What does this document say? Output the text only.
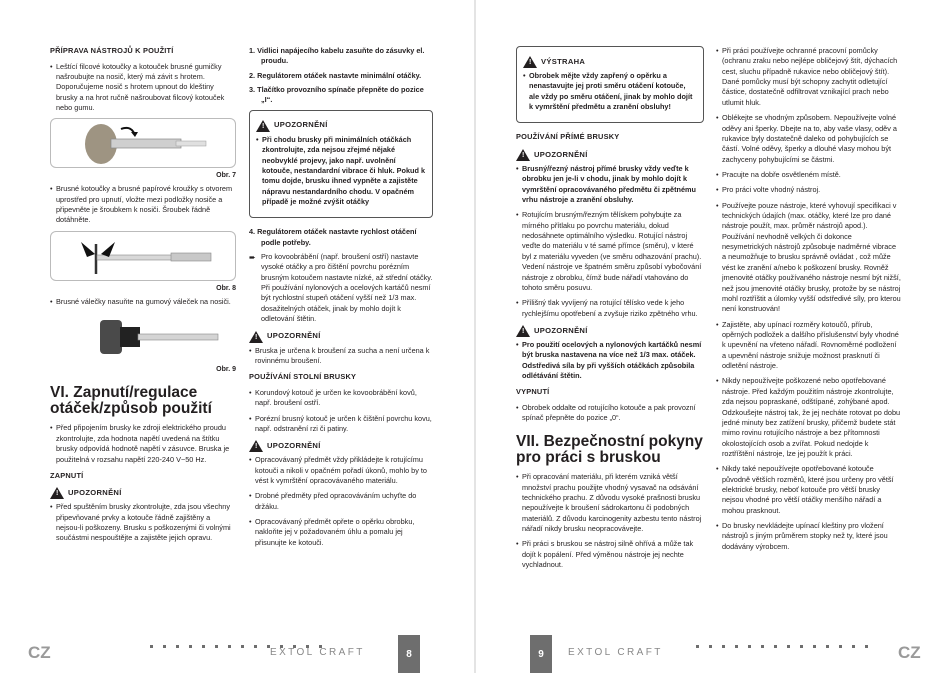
PŘÍPRAVA NÁSTROJŮ K POUŽITÍ
• Leštící filcové kotoučky a kotouček brusné gumičky našroubujte na nosič, který má závit s hrotem. Doporučujeme nosič s hrotem upnout do kleštiny brusky a na hrot ručně našroubovat filcový kotouček nebo gumu.
Obr. 7
• Brusné kotoučky a brusné papírové kroužky s otvorem uprostřed pro upnutí, vložte mezi podložky nosiče a připevněte je šroubkem k nosiči. Šroubek řádně dotáhněte.
Obr. 8
• Brusné válečky nasuňte na gumový váleček na nosiči.
Obr. 9
VI. Zapnutí/regulace otáček/způsob použití
• Před připojením brusky ke zdroji elektrického proudu zkontrolujte, zda hodnota napětí uvedená na štítku brusky odpovídá hodnotě napětí v zásuvce. Bruska je použitelná v rozsahu napětí 220-240 V~50 Hz.
ZAPNUTÍ
! UPOZORNĚNÍ
• Před spuštěním brusky zkontrolujte, zda jsou všechny připevňované prvky a kotouče řádně zajištěny a nejsou-li poškozeny. Brusku s poškozenými či volnými součástmi nespouštějte a zajistěte jejich opravu.
1. Vidlici napájecího kabelu zasuňte do zásuvky el. proudu.
2. Regulátorem otáček nastavte minimální otáčky.
3. Tlačítko provozního spínače přepněte do pozice „I“.
! UPOZORNĚNÍ
• Při chodu brusky při minimálních otáčkách zkontrolujte, zda nejsou zřejmé nějaké neobvyklé projevy, jako např. uvolnění kotouče, nestandardní vibrace či hluk. Pokud k tomu dojde, brusku ihned vypněte a zajistěte nápravu nestandardního chodu. V opačném případě je možné zvýšit otáčky
4. Regulátorem otáček nastavte rychlost otáčení podle potřeby.
➨ Pro kovoobrábění (např. broušení ostří) nastavte vysoké otáčky a pro čištění povrchu porézním brusným kotoučem nastavte nízké, až střední otáčky. Při používání nylonových a ocelových kartáčů nesmí být rychlostní stupeň otáčení vyšší než 1/3 max. dosažitelných otáček, jinak by mohlo dojít k odletování štětin.
! UPOZORNĚNÍ
• Bruska je určena k broušení za sucha a není určena k rovinnému broušení.
POUŽÍVÁNÍ STOLNÍ BRUSKY
• Korundový kotouč je určen ke kovoobrábění kovů, např. broušení ostří.
• Porézní brusný kotouč je určen k čištění povrchu kovu, např. odstranění rzi či patiny.
! UPOZORNĚNÍ
• Opracovávaný předmět vždy přikládejte k rotujícímu kotouči a nikoli v opačném pořadí úkonů, mohlo by to vést k vymrštění opracovávaného materiálu.
• Drobné předměty před opracováváním uchyťte do držáku.
• Opracovávaný předmět opřete o opěrku obrobku, nakloňte jej v požadovaném úhlu a pomalu jej přisunujte ke kotouči.
CZ	EXTOL CRAFT	8
! VÝSTRAHA
• Obrobek mějte vždy zapřený o opěrku a nenastavujte jej proti směru otáčení kotouče, ale vždy po směru otáčení, jinak by mohlo dojít k vymrštění předmětu a zranění obsluhy!
POUŽÍVÁNÍ PŘÍMÉ BRUSKY
! UPOZORNĚNÍ
• Brusný/řezný nástroj přímé brusky vždy veďte k obrobku jen je-li v chodu, jinak by mohlo dojít k vymrštění opracovávaného předmětu či zpětnému vrhu nástroje a zranění obsluhy.
• Rotujícím brusným/řezným tělískem pohybujte za mírného přítlaku po povrchu materiálu, dokud nedosáhnete optimálního výsledku. Rotující nástroj veďte do materiálu v té samé přímce (směru), v které byl z materiálu vyveden (ve směru odhazování prachu). Vedení nástroje ve špatném směru způsobí vybočování nástroje z obrobku, čímž bude nářadí vtahováno do tohoto směru posuvu.
• Přílišný tlak vyvíjený na rotující tělísko vede k jeho rychlejšímu opotřebení a zvyšuje riziko zpětného vrhu.
! UPOZORNĚNÍ
• Pro použití ocelových a nylonových kartáčků nesmí být bruska nastavena na více než 1/3 max. otáček. Odstředivá síla by při vyšších otáčkách způsobila odlétávání štětin.
VYPNUTÍ
• Obrobek oddalte od rotujícího kotouče a pak provozní spínač přepněte do pozice „0“.
VII. Bezpečnostní pokyny pro práci s bruskou
• Při opracování materiálu, při kterém vzniká větší množství prachu použijte vhodný vysavač na odsávání technického prachu. Z důvodu vysoké prašnosti brusku nepoužívejte k broušení sádrokartonu či podobných materiálů. Z důvodu karcinogenity azbestu tento nástroj nářadí nikdy brusku neopracovávejte.
• Při práci s bruskou se nástroj silně ohřívá a může tak dojít k popálení. Před výměnou nástroje jej nechte vychladnout.
• Při práci používejte ochranné pracovní pomůcky (ochranu zraku nebo nejlépe obličejový štít, dýchacích cest, sluchu případně rukavice nebo obličejový štít). Dané pomůcky musí být schopny zachytit odletující částice, dostatečně odfiltrovat vznikající prach nebo utlumit hluk.
• Oblékejte se vhodným způsobem. Nepoužívejte volné oděvy ani šperky. Dbejte na to, aby vaše vlasy, oděv a rukavice byly dostatečně daleko od pohybujících se částí. Volné oděvy, šperky a dlouhé vlasy mohou být zachyceny pohybujícími se částmi.
• Pracujte na dobře osvětleném místě.
• Pro práci volte vhodný nástroj.
• Používejte pouze nástroje, které vyhovují specifikaci v technických údajích (max. otáčky, které lze pro dané nástroje použít, max. průměr nástrojů apod.). Používání nevhodně velkých či dokonce nesymetrických nástrojů způsobuje nadměrné vibrace a neumožňuje to brusku správně ovládat , což může vést ke zranění a/nebo k poškození brusky. Rovněž jmenovité otáčky používaného nástroje nesmí být nižší, než jsou jmenovité otáčky brusky, protože by se nástroj mohl roztříštit a úlomky vyšší odstředivé síly, pro kterou není konstruován!
• Zajistěte, aby upínací rozměry kotoučů, přírub, opěrných podložek a dalšího příslušenství byly vhodné k upevnění na vřeteno nářadí. Rovnoměrné podložení a upevnění nástroje snižuje možnost prasknutí či odletění nástroje.
• Nikdy nepoužívejte poškozené nebo opotřebované nástroje. Před každým použitím nástroje zkontrolujte, zda nejsou popraskané, odštípané, zohýbané apod. Odzkoušejte nástroj tak, že jej necháte rotovat po dobu jedné minuty bez zatížení brusky, přičemž budete stát mimo rovinu rotujícího nástroje a bez přítomnosti okolostojících osob a zvířat. Pokud nedojde k roztříštění nástroje, lze jej použít k práci.
• Nikdy také nepoužívejte opotřebované kotouče původně větších rozměrů, které jsou určeny pro větší elektrické brusky, neboť kotouče pro větší brusky nejsou vhodné pro větší otáčky menšího nářadí a mohou prasknout.
• Do brusky nevkládejte upínací kleštiny pro vložení nástrojů s jiným průměrem stopky než ty, které jsou dodávány výrobcem.
9	EXTOL CRAFT	CZ
